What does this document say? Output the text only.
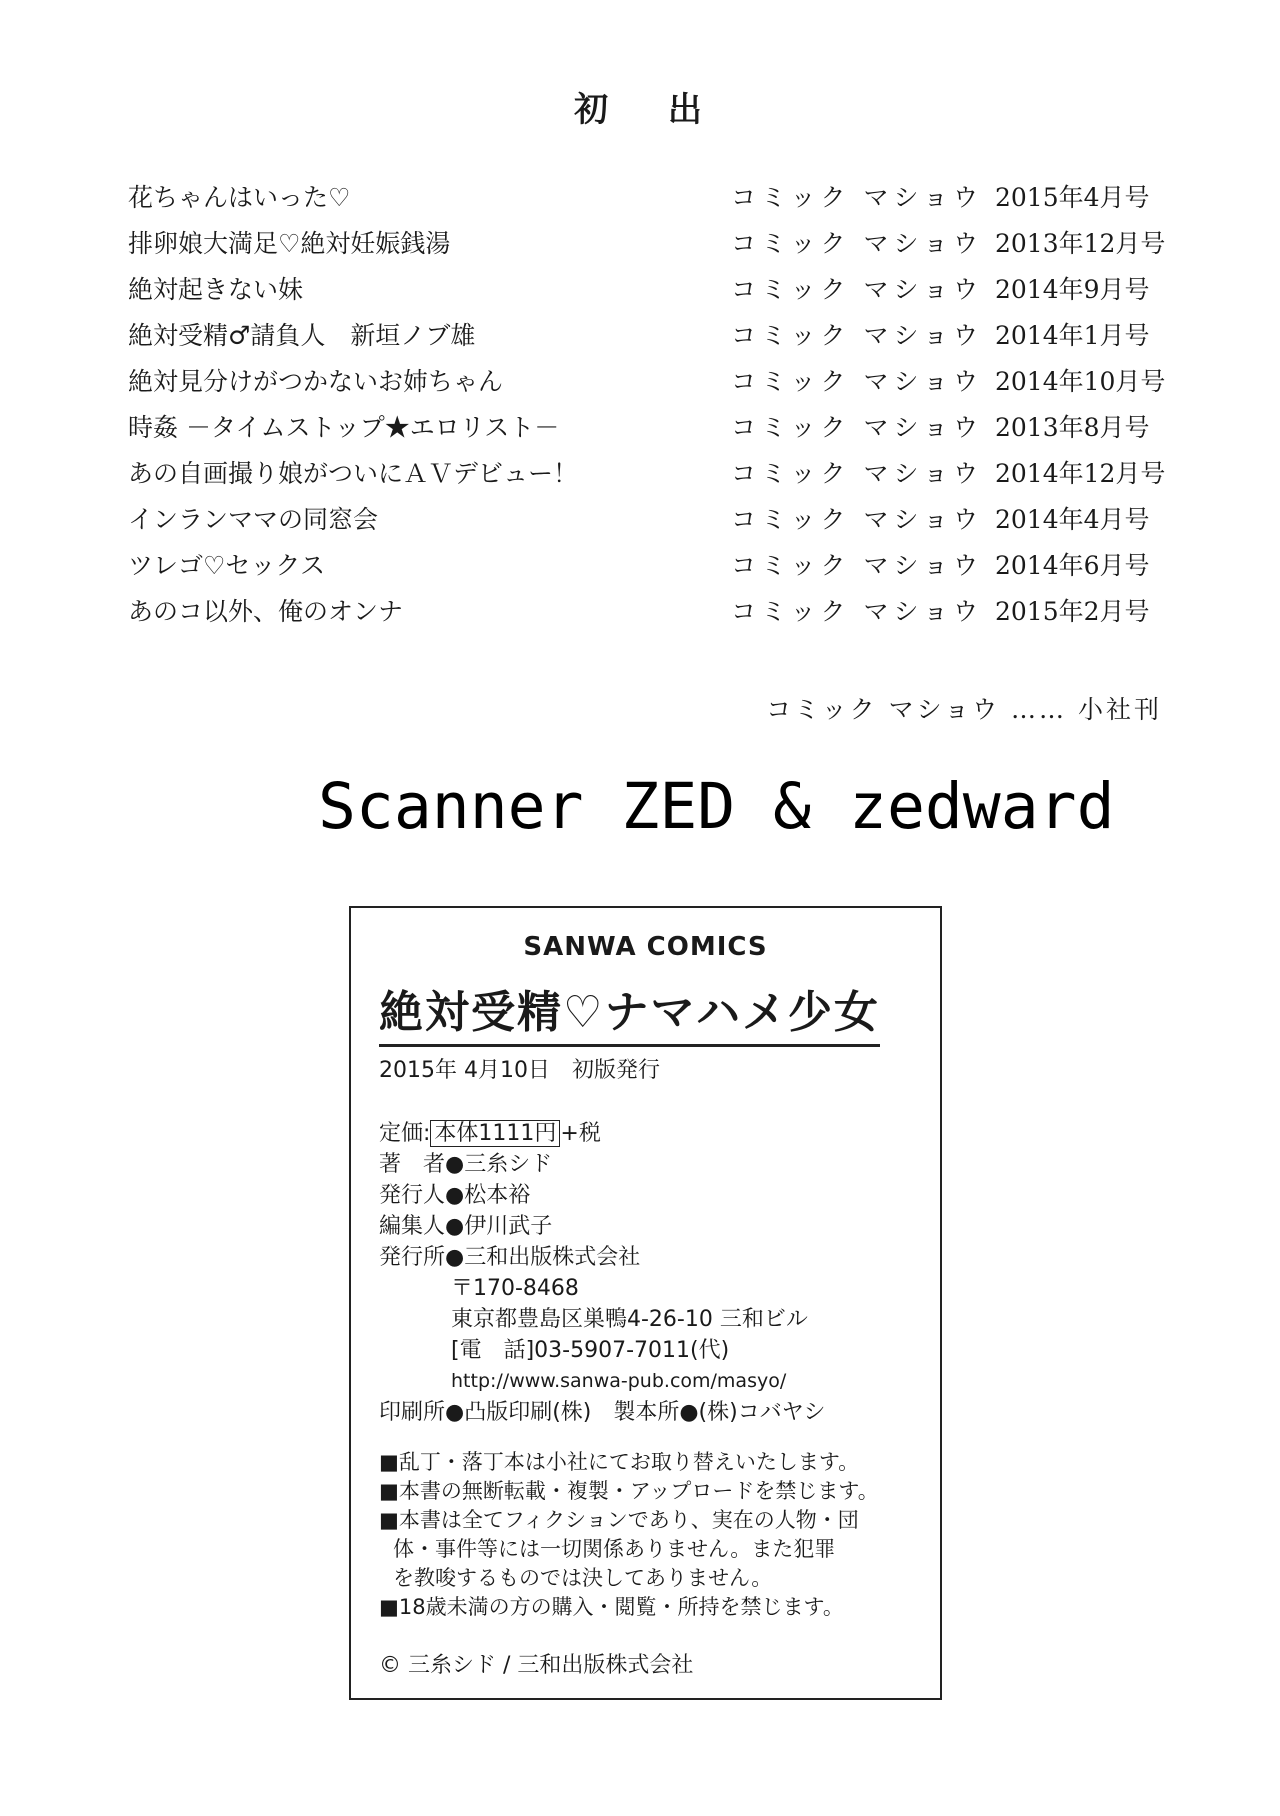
初 出
花ちゃんはいった♡	コミック マショウ 2015年4月号
排卵娘大満足♡絶対妊娠銭湯	コミック マショウ 2013年12月号
絶対起きない妹	コミック マショウ 2014年9月号
絶対受精♂請負人　新垣ノブ雄	コミック マショウ 2014年1月号
絶対見分けがつかないお姉ちゃん	コミック マショウ 2014年10月号
時姦 －タイムストップ★エロリスト－	コミック マショウ 2013年8月号
あの自画撮り娘がついにＡＶデビュー！	コミック マショウ 2014年12月号
インランママの同窓会	コミック マショウ 2014年4月号
ツレゴ♡セックス	コミック マショウ 2014年6月号
あのコ以外、俺のオンナ	コミック マショウ 2015年2月号
コミック マショウ …… 小社刊
Scanner ZED & zedward
SANWA COMICS
絶対受精♡ナマハメ少女
2015年 4月10日　初版発行
定価: 本体1111円 +税
著　者●三糸シド
発行人●松本裕
編集人●伊川武子
発行所●三和出版株式会社
〒170-8468
東京都豊島区巣鴨4-26-10 三和ビル
[電　話]03-5907-7011(代)
http://www.sanwa-pub.com/masyo/
印刷所●凸版印刷(株)　製本所●(株)コバヤシ
■乱丁・落丁本は小社にてお取り替えいたします。
■本書の無断転載・複製・アップロードを禁じます。
■本書は全てフィクションであり、実在の人物・団
体・事件等には一切関係ありません。また犯罪
を教唆するものでは決してありません。
■18歳未満の方の購入・閲覧・所持を禁じます。
© 三糸シド / 三和出版株式会社
